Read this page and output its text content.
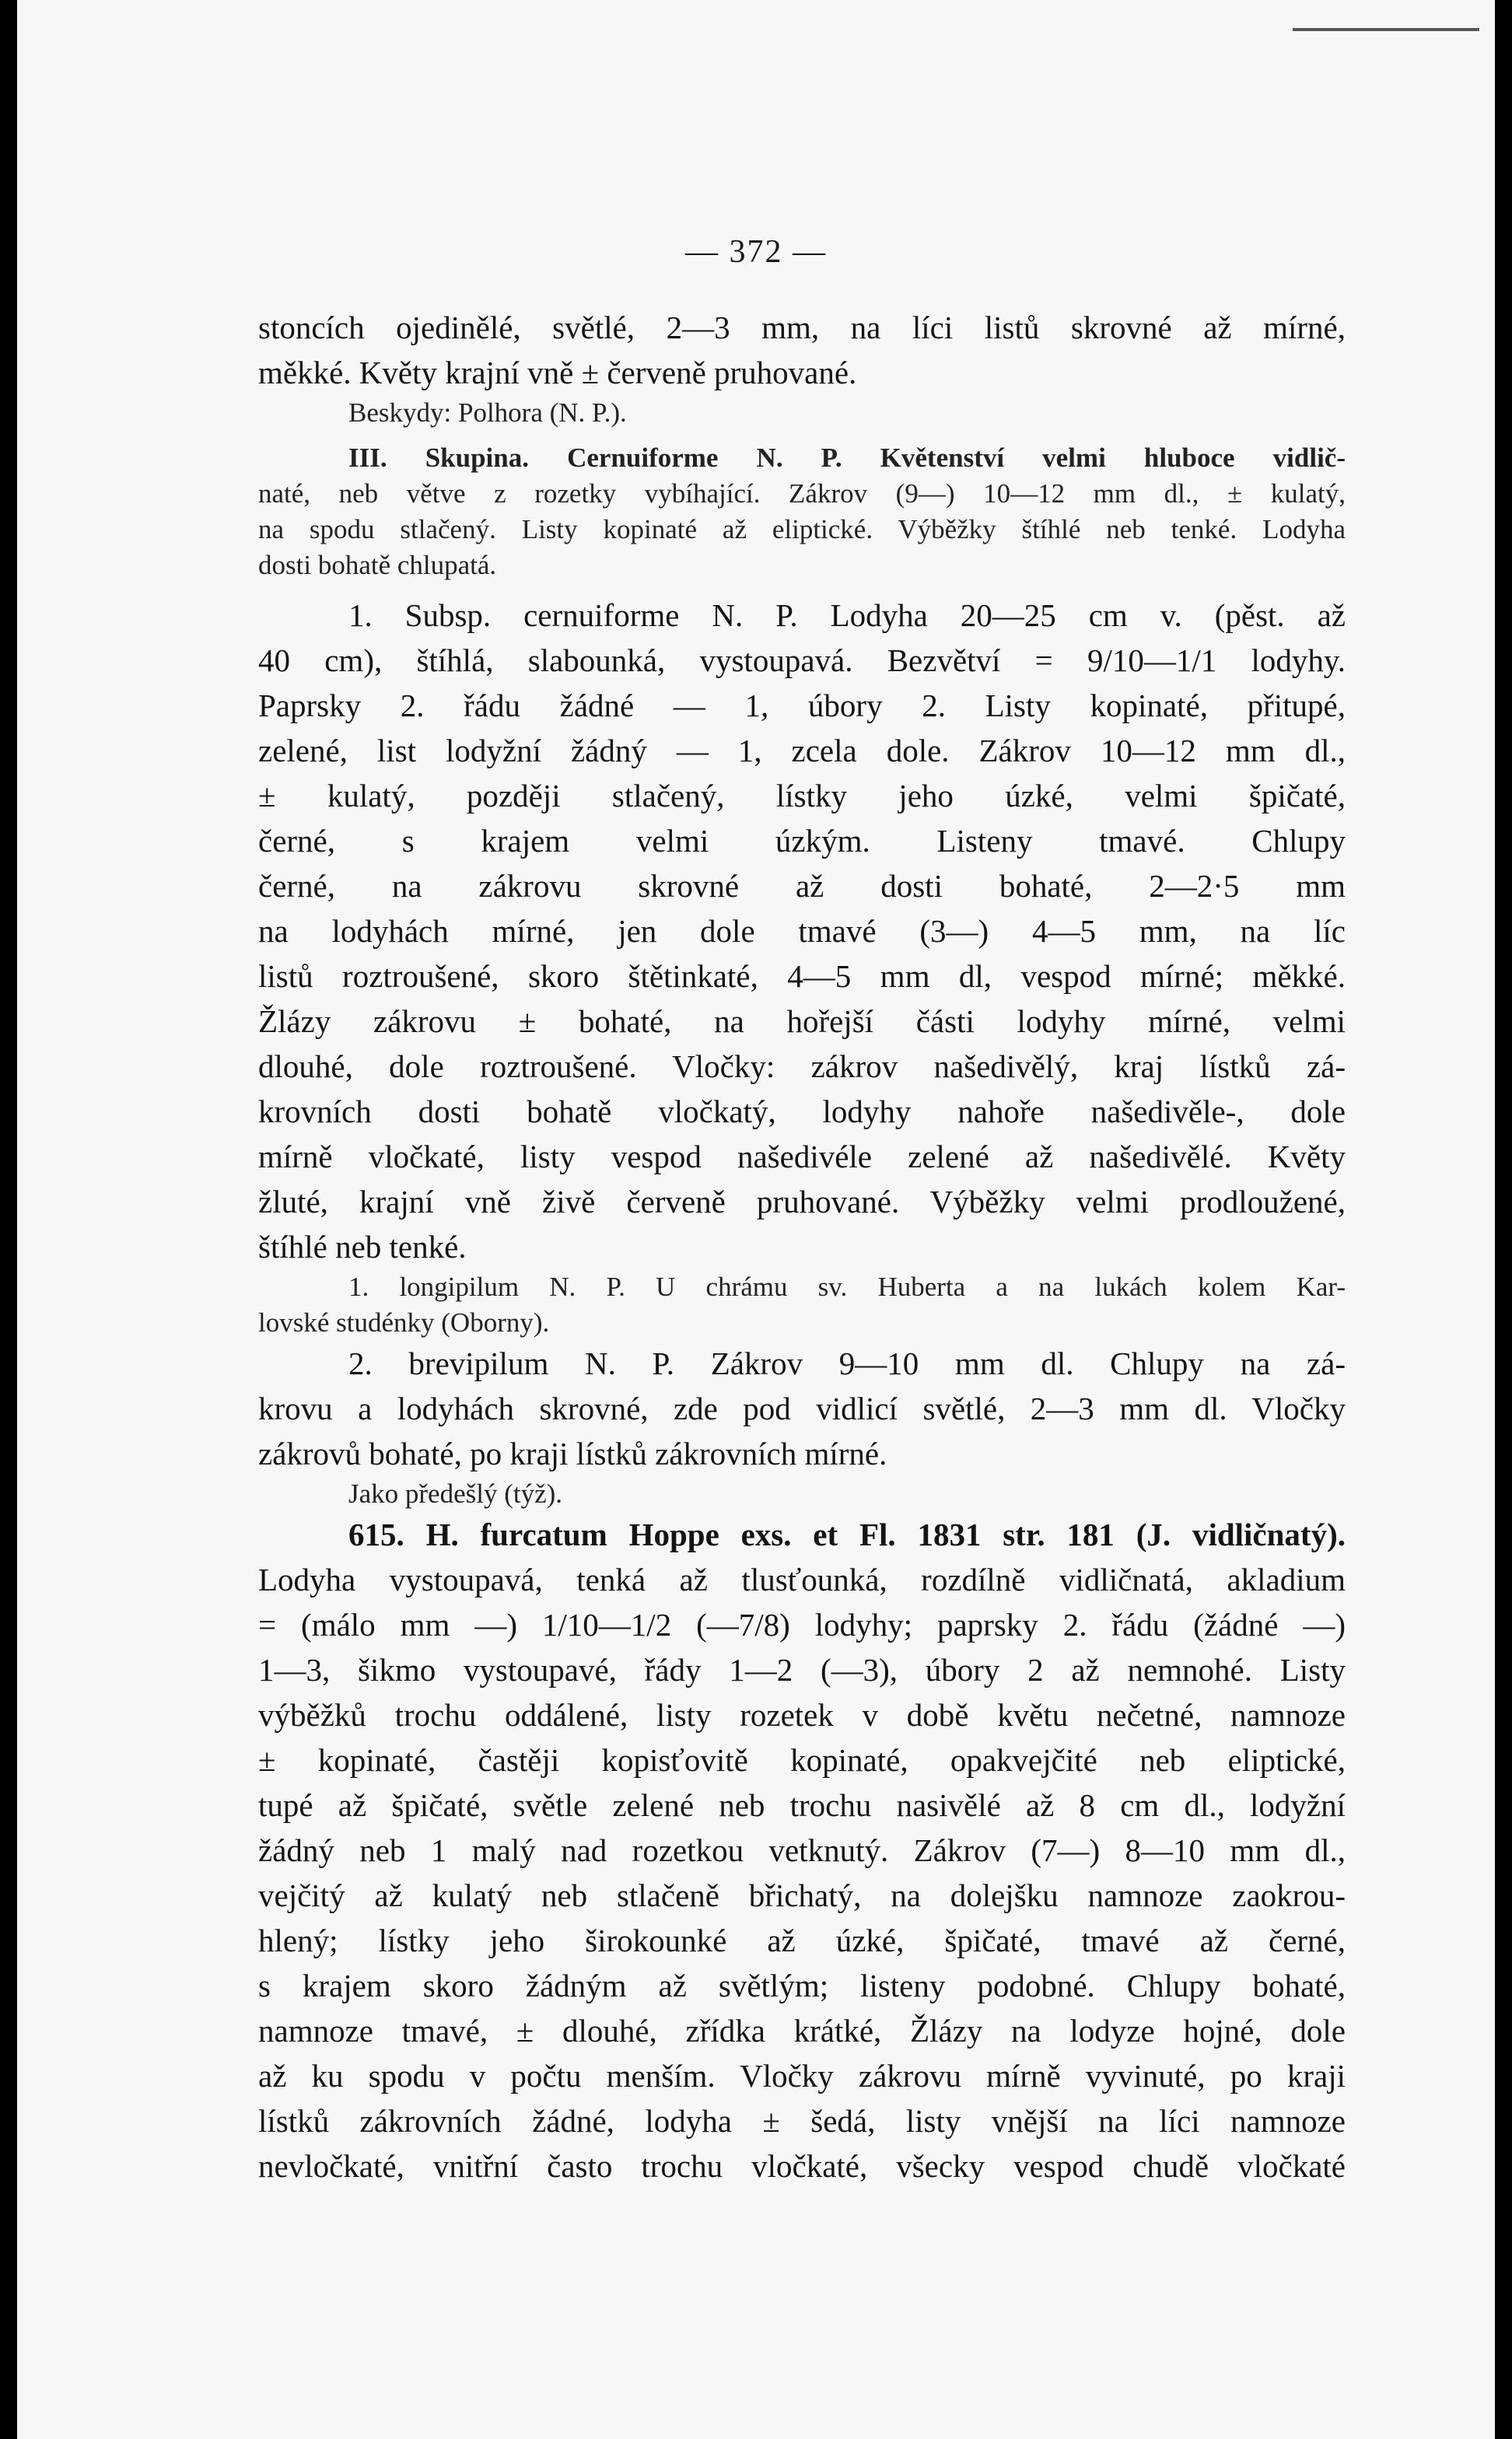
— 372 —
stoncích ojedinělé, světlé, 2—3 mm, na líci listů skrovné až mírné,
měkké. Květy krajní vně ± červeně pruhované.
Beskydy: Polhora (N. P.).
III. Skupina. Cernuiforme N. P. Květenství velmi hluboce vidlič-
naté, neb větve z rozetky vybíhající. Zákrov (9—) 10—12 mm dl., ± kulatý,
na spodu stlačený. Listy kopinaté až eliptické. Výběžky štíhlé neb tenké. Lodyha
dosti bohatě chlupatá.
1. Subsp. cernuiforme N. P. Lodyha 20—25 cm v. (pěst. až
40 cm), štíhlá, slabounká, vystoupavá. Bezvětví = 9/10—1/1 lodyhy.
Paprsky 2. řádu žádné — 1, úbory 2. Listy kopinaté, přitupé,
zelené, list lodyžní žádný — 1, zcela dole. Zákrov 10—12 mm dl.,
± kulatý, později stlačený, lístky jeho úzké, velmi špičaté,
černé, s krajem velmi úzkým. Listeny tmavé. Chlupy
černé, na zákrovu skrovné až dosti bohaté, 2—2·5 mm
na lodyhách mírné, jen dole tmavé (3—) 4—5 mm, na líc
listů roztroušené, skoro štětinkaté, 4—5 mm dl, vespod mírné; měkké.
Žlázy zákrovu ± bohaté, na hořejší části lodyhy mírné, velmi
dlouhé, dole roztroušené. Vločky: zákrov našedivělý, kraj lístků zá-
krovních dosti bohatě vločkatý, lodyhy nahoře našedivěle-, dole
mírně vločkaté, listy vespod našedivéle zelené až našedivělé. Květy
žluté, krajní vně živě červeně pruhované. Výběžky velmi prodloužené,
štíhlé neb tenké.
1. longipilum N. P. U chrámu sv. Huberta a na lukách kolem Kar-
lovské studénky (Oborny).
2. brevipilum N. P. Zákrov 9—10 mm dl. Chlupy na zá-
krovu a lodyhách skrovné, zde pod vidlicí světlé, 2—3 mm dl. Vločky
zákrovů bohaté, po kraji lístků zákrovních mírné.
Jako předešlý (týž).
615. H. furcatum Hoppe exs. et Fl. 1831 str. 181 (J. vidličnatý).
Lodyha vystoupavá, tenká až tlusťounká, rozdílně vidličnatá, akladium
= (málo mm —) 1/10—1/2 (—7/8) lodyhy; paprsky 2. řádu (žádné —)
1—3, šikmo vystoupavé, řády 1—2 (—3), úbory 2 až nemnohé. Listy
výběžků trochu oddálené, listy rozetek v době květu nečetné, namnoze
± kopinaté, častěji kopisťovitě kopinaté, opakvejčité neb eliptické,
tupé až špičaté, světle zelené neb trochu nasivělé až 8 cm dl., lodyžní
žádný neb 1 malý nad rozetkou vetknutý. Zákrov (7—) 8—10 mm dl.,
vejčitý až kulatý neb stlačeně břichatý, na dolejšku namnoze zaokrou-
hlený; lístky jeho širokounké až úzké, špičaté, tmavé až černé,
s krajem skoro žádným až světlým; listeny podobné. Chlupy bohaté,
namnoze tmavé, ± dlouhé, zřídka krátké, Žlázy na lodyze hojné, dole
až ku spodu v počtu menším. Vločky zákrovu mírně vyvinuté, po kraji
lístků zákrovních žádné, lodyha ± šedá, listy vnější na líci namnoze
nevločkaté, vnitřní často trochu vločkaté, všecky vespod chudě vločkaté
